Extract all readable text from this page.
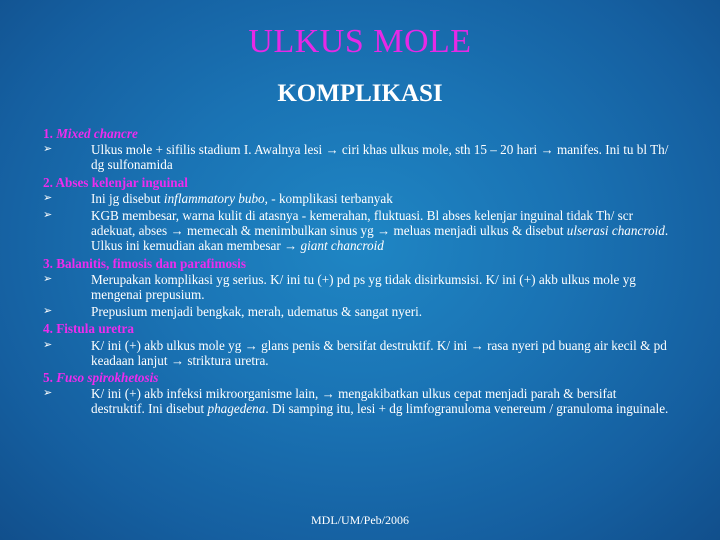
ULKUS MOLE
KOMPLIKASI
1. Mixed chancre
➢	Ulkus mole + sifilis stadium I. Awalnya lesi → ciri khas ulkus mole, sth 15 – 20 hari → manifes. Ini tu bl Th/ dg sulfonamida
2. Abses kelenjar inguinal
➢	Ini jg disebut inflammatory bubo, - komplikasi terbanyak
➢	KGB membesar, warna kulit di atasnya - kemerahan, fluktuasi. Bl abses kelenjar inguinal tidak Th/ scr adekuat, abses → memecah & menimbulkan sinus yg → meluas menjadi ulkus & disebut ulserasi chancroid. Ulkus ini kemudian akan membesar → giant chancroid
3. Balanitis, fimosis dan parafimosis
➢	Merupakan komplikasi yg serius. K/ ini tu (+) pd ps yg tidak disirkumsisi. K/ ini (+) akb ulkus mole yg mengenai prepusium.
➢	Prepusium menjadi bengkak, merah, udematus & sangat nyeri.
4. Fistula uretra
➢	K/ ini (+) akb ulkus mole yg → glans penis & bersifat destruktif. K/ ini → rasa nyeri pd buang air kecil & pd keadaan lanjut → striktura uretra.
5. Fuso spirokhetosis
➢	K/ ini (+) akb infeksi mikroorganisme lain, → mengakibatkan ulkus cepat menjadi parah & bersifat destruktif. Ini disebut phagedena. Di samping itu, lesi + dg limfogranuloma venereum / granuloma inguinale.
MDL/UM/Peb/2006
